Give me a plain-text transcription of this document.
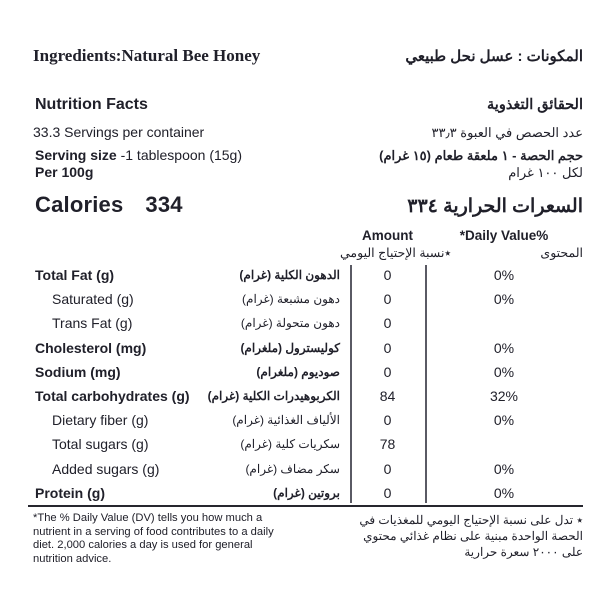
Ingredients:Natural Bee Honey	المكونات : عسل نحل طبيعي
Nutrition Facts	الحقائق التغذوية
33.3 Servings per container	عدد الحصص في العبوة ٣٣٫٣
Serving size -1 tablespoon (15g)	حجم الحصة - ١ ملعقة طعام (١٥ غرام)
Per 100g	لكل ١٠٠ غرام
Calories 334	السعرات الحرارية ٣٣٤
Amount	*Daily Value%
٭نسبة الإحتياج اليومي	المحتوى
Total Fat (g)	الدهون الكلية (غرام)	0	0%
Saturated (g)	دهون مشبعة (غرام)	0	0%
Trans Fat (g)	دهون متحولة (غرام)	0
Cholesterol (mg)	كوليسترول (ملغرام)	0	0%
Sodium (mg)	صوديوم (ملغرام)	0	0%
Total carbohydrates (g) الكربوهيدرات الكلية (غرام)	84	32%
Dietary fiber (g)	الألياف الغذائية (غرام)	0	0%
Total sugars (g)	سكريات كلية (غرام)	78
Added sugars (g)	سكر مضاف (غرام)	0	0%
Protein (g)	بروتين (غرام)	0	0%
*The % Daily Value (DV) tells you how much a
nutrient in a serving of food contributes to a daily
diet. 2,000 calories a day is used for general
nutrition advice.
٭ تدل على نسبة الإحتياج اليومي للمغذيات في
الحصة الواحدة مبنية على نظام غذائي محتوي
على ٢٠٠٠ سعرة حرارية
